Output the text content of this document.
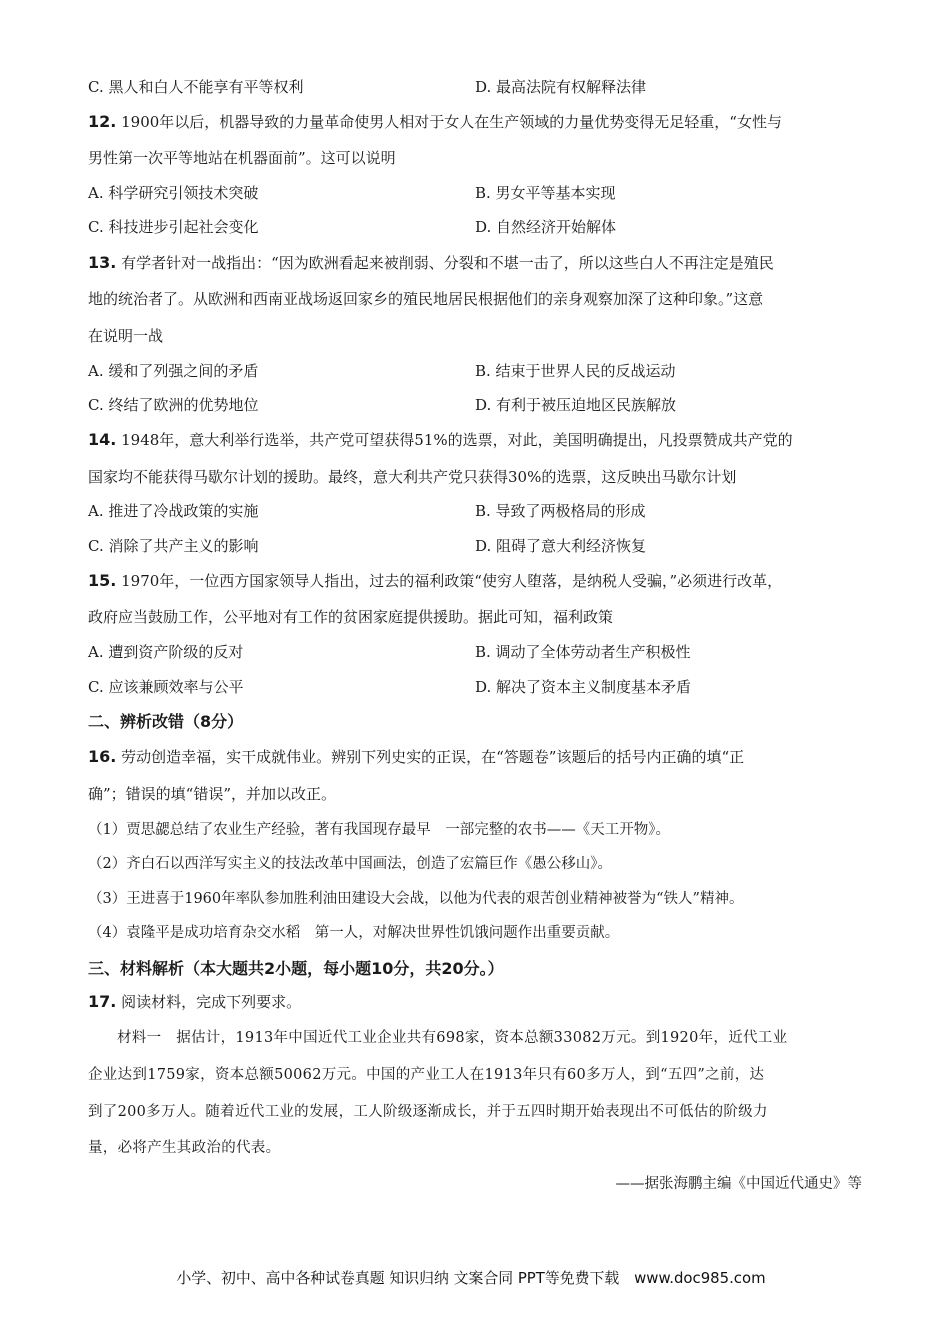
C. 黑人和白人不能享有平等权利	D. 最高法院有权解释法律
12. 1900年以后，机器导致的力量革命使男人相对于女人在生产领域的力量优势变得无足轻重，“女性与
男性第一次平等地站在机器面前”。这可以说明
A. 科学研究引领技术突破	B. 男女平等基本实现
C. 科技进步引起社会变化	D. 自然经济开始解体
13. 有学者针对一战指出：“因为欧洲看起来被削弱、分裂和不堪一击了，所以这些白人不再注定是殖民
地的统治者了。从欧洲和西南亚战场返回家乡的殖民地居民根据他们的亲身观察加深了这种印象。”这意
在说明一战
A. 缓和了列强之间的矛盾	B. 结束于世界人民的反战运动
C. 终结了欧洲的优势地位	D. 有利于被压迫地区民族解放
14. 1948年，意大利举行选举，共产党可望获得51%的选票，对此，美国明确提出，凡投票赞成共产党的
国家均不能获得马歇尔计划的援助。最终，意大利共产党只获得30%的选票，这反映出马歇尔计划
A. 推进了冷战政策的实施	B. 导致了两极格局的形成
C. 消除了共产主义的影响	D. 阻碍了意大利经济恢复
15. 1970年，一位西方国家领导人指出，过去的福利政策“使穷人堕落，是纳税人受骗，”必须进行改革，
政府应当鼓励工作，公平地对有工作的贫困家庭提供援助。据此可知，福利政策
A. 遭到资产阶级的反对	B. 调动了全体劳动者生产积极性
C. 应该兼顾效率与公平	D. 解决了资本主义制度基本矛盾
二、辨析改错（8分）
16. 劳动创造幸福，实干成就伟业。辨别下列史实的正误，在“答题卷”该题后的括号内正确的填“正
确”；错误的填“错误”，并加以改正。
（1）贾思勰总结了农业生产经验，著有我国现存最早　一部完整的农书——《天工开物》。
（2）齐白石以西洋写实主义的技法改革中国画法，创造了宏篇巨作《愚公移山》。
（3）王进喜于1960年率队参加胜利油田建设大会战，以他为代表的艰苦创业精神被誉为“铁人”精神。
（4）袁隆平是成功培育杂交水稻　第一人，对解决世界性饥饿问题作出重要贡献。
三、材料解析（本大题共2小题，每小题10分，共20分。）
17. 阅读材料，完成下列要求。
材料一　据估计，1913年中国近代工业企业共有698家，资本总额33082万元。到1920年，近代工业
企业达到1759家，资本总额50062万元。中国的产业工人在1913年只有60多万人，到“五四”之前，达
到了200多万人。随着近代工业的发展，工人阶级逐渐成长，并于五四时期开始表现出不可低估的阶级力
量，必将产生其政治的代表。
——据张海鹏主编《中国近代通史》等
小学、初中、高中各种试卷真题 知识归纳 文案合同 PPT等免费下载　www.doc985.com
